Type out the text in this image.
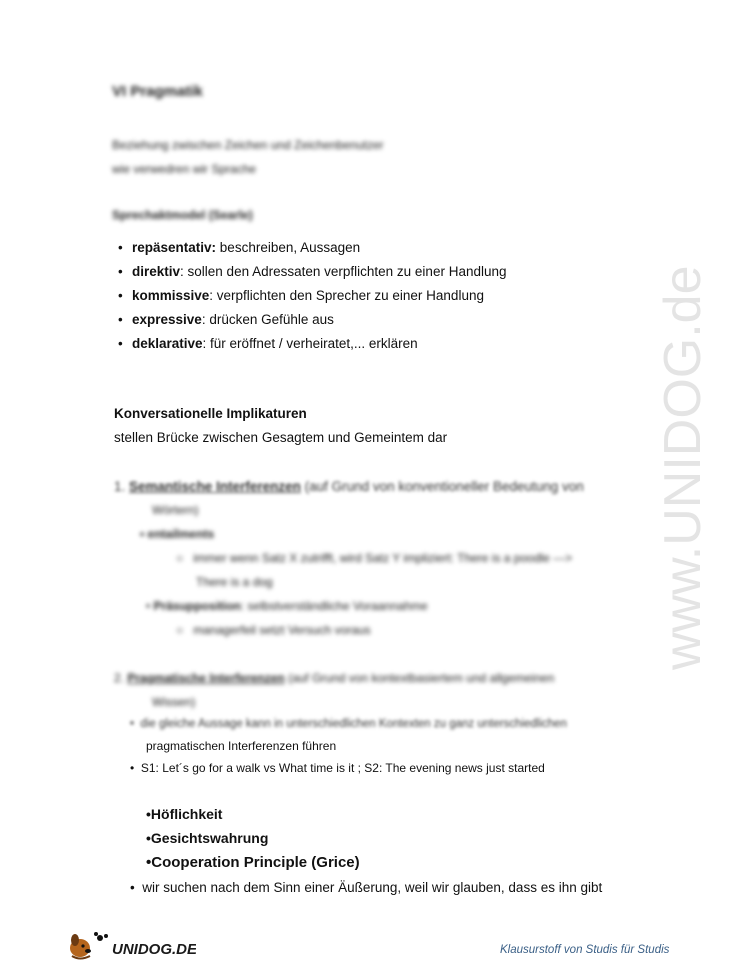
VI Pragmatik
Beziehung zwischen Zeichen und Zeichenbenutzer
wie verwedren wir Sprache
Sprechaktmodel (Searle)
• repäsentativ: beschreiben, Aussagen
• direktiv: sollen den Adressaten verpflichten zu einer Handlung
• kommissive: verpflichten den Sprecher zu einer Handlung
• expressive: drücken Gefühle aus
• deklarative: für eröffnet / verheiratet,... erklären
Konversationelle Implikaturen
stellen Brücke zwischen Gesagtem und Gemeintem dar
1. Semantische Interferenzen (auf Grund von konventioneller Bedeutung von
Wörtern)
• entailments
○   immer wenn Satz X zutrifft, wird Satz Y impliziert: There is a poodle --->
There is a dog
• Präsupposition: selbstverständliche Voraannahme
○   managerfeil setzt Versuch voraus
2. Pragmatische Interferenzen (auf Grund von kontextbasiertem und allgemeinen
Wissen)
•  die gleiche Aussage kann in unterschiedlichen Kontexten zu ganz unterschiedlichen
pragmatischen Interferenzen führen
•  S1: Let´s go for a walk vs What time is it ; S2: The evening news just started
•Höflichkeit
•Gesichtswahrung
•Cooperation Principle (Grice)
•  wir suchen nach dem Sinn einer Äußerung, weil wir glauben, dass es ihn gibt
www.UNIDOG.de
UNIDOG.DE	Klausurstoff von Studis für Studis
